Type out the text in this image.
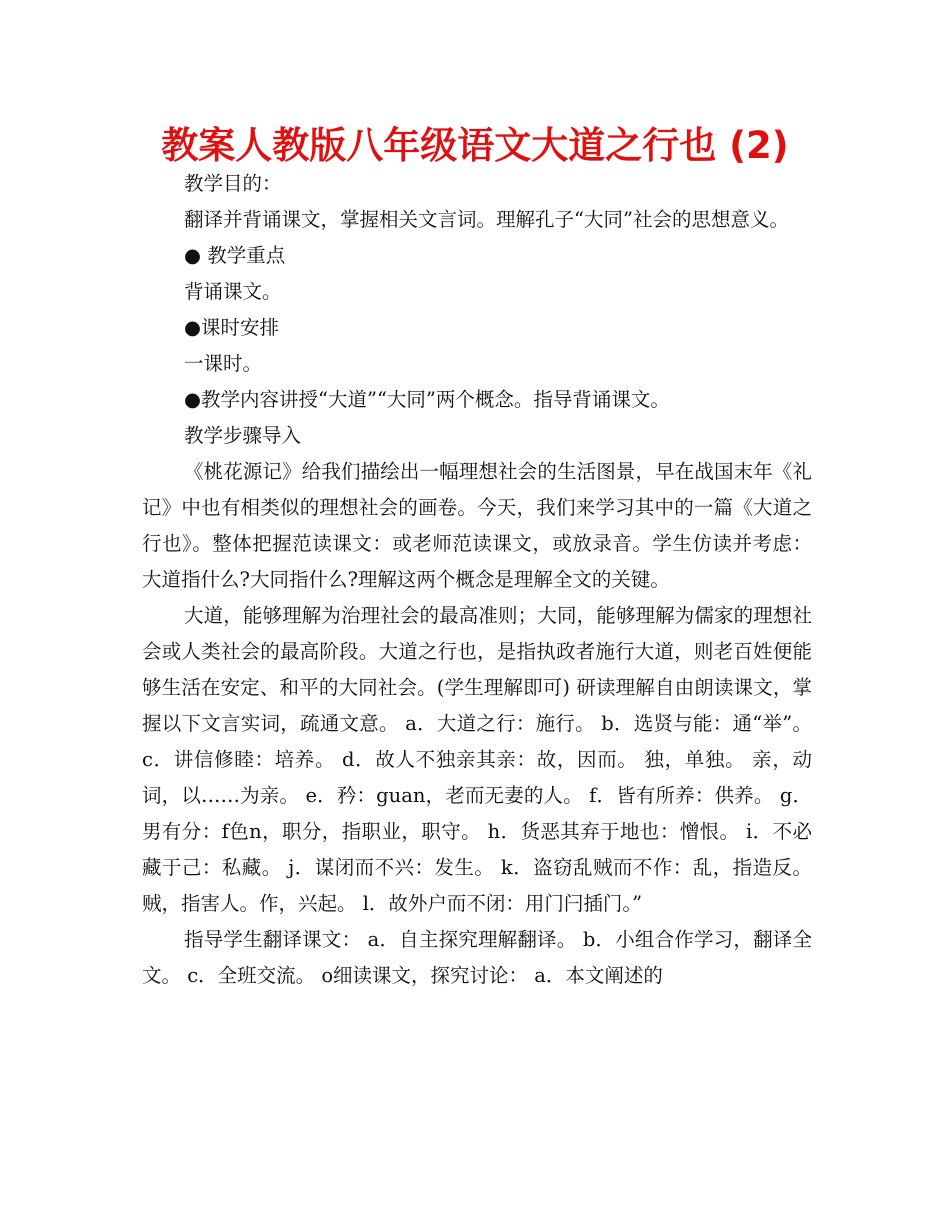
教案人教版八年级语文大道之行也 (2)

教学目的：

翻译并背诵课文，掌握相关文言词。理解孔子“大同”社会的思想意义。

● 教学重点

背诵课文。

●课时安排

一课时。

●教学内容讲授“大道”“大同”两个概念。指导背诵课文。

教学步骤导入

《桃花源记》给我们描绘出一幅理想社会的生活图景，早在战国末年《礼记》中也有相类似的理想社会的画卷。今天，我们来学习其中的一篇《大道之行也》。整体把握范读课文：或老师范读课文，或放录音。学生仿读并考虑：大道指什么?大同指什么?理解这两个概念是理解全文的关键。

大道，能够理解为治理社会的最高准则；大同，能够理解为儒家的理想社会或人类社会的最高阶段。大道之行也，是指执政者施行大道，则老百姓便能够生活在安定、和平的大同社会。(学生理解即可) 研读理解自由朗读课文，掌握以下文言实词，疏通文意。 a．大道之行：施行。 b．选贤与能：通“举”。 c．讲信修睦：培养。 d．故人不独亲其亲：故，因而。 独，单独。 亲，动词，以……为亲。 e．矜：guan，老而无妻的人。 f．皆有所养：供养。 g．男有分：f色n，职分，指职业，职守。 h．货恶其弃于地也：憎恨。 i．不必藏于己：私藏。 j．谋闭而不兴：发生。 k．盗窃乱贼而不作：乱，指造反。 贼，指害人。作，兴起。 l．故外户而不闭：用门闩插门。”

指导学生翻译课文： a．自主探究理解翻译。 b．小组合作学习，翻译全文。 c．全班交流。 o细读课文，探究讨论： a．本文阐述的
